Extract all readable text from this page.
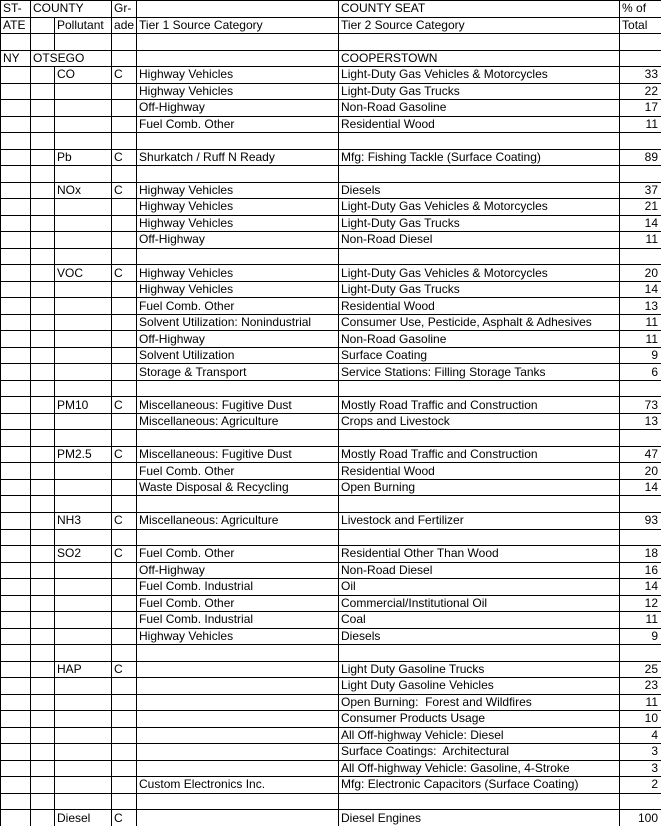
ST-	COUNTY		Gr-		COUNTY SEAT	% of
ATE		Pollutant	ade	Tier 1 Source Category	Tier 2 Source Category	Total

NY	OTSEGO				COOPERSTOWN	
		CO	C	Highway Vehicles	Light-Duty Gas Vehicles & Motorcycles	33
				Highway Vehicles	Light-Duty Gas Trucks	22
				Off-Highway	Non-Road Gasoline	17
				Fuel Comb. Other	Residential Wood	11

		Pb	C	Shurkatch / Ruff N Ready	Mfg: Fishing Tackle (Surface Coating)	89

		NOx	C	Highway Vehicles	Diesels	37
				Highway Vehicles	Light-Duty Gas Vehicles & Motorcycles	21
				Highway Vehicles	Light-Duty Gas Trucks	14
				Off-Highway	Non-Road Diesel	11

		VOC	C	Highway Vehicles	Light-Duty Gas Vehicles & Motorcycles	20
				Highway Vehicles	Light-Duty Gas Trucks	14
				Fuel Comb. Other	Residential Wood	13
				Solvent Utilization: Nonindustrial	Consumer Use, Pesticide, Asphalt & Adhesives	11
				Off-Highway	Non-Road Gasoline	11
				Solvent Utilization	Surface Coating	9
				Storage & Transport	Service Stations: Filling Storage Tanks	6

		PM10	C	Miscellaneous: Fugitive Dust	Mostly Road Traffic and Construction	73
				Miscellaneous: Agriculture	Crops and Livestock	13

		PM2.5	C	Miscellaneous: Fugitive Dust	Mostly Road Traffic and Construction	47
				Fuel Comb. Other	Residential Wood	20
				Waste Disposal & Recycling	Open Burning	14

		NH3	C	Miscellaneous: Agriculture	Livestock and Fertilizer	93

		SO2	C	Fuel Comb. Other	Residential Other Than Wood	18
				Off-Highway	Non-Road Diesel	16
				Fuel Comb. Industrial	Oil	14
				Fuel Comb. Other	Commercial/Institutional Oil	12
				Fuel Comb. Industrial	Coal	11
				Highway Vehicles	Diesels	9

		HAP	C		Light Duty Gasoline Trucks	25
					Light Duty Gasoline Vehicles	23
					Open Burning:  Forest and Wildfires	11
					Consumer Products Usage	10
					All Off-highway Vehicle: Diesel	4
					Surface Coatings:  Architectural	3
					All Off-highway Vehicle: Gasoline, 4-Stroke	3
				Custom Electronics Inc.	Mfg: Electronic Capacitors (Surface Coating)	2

		Diesel	C		Diesel Engines	100
